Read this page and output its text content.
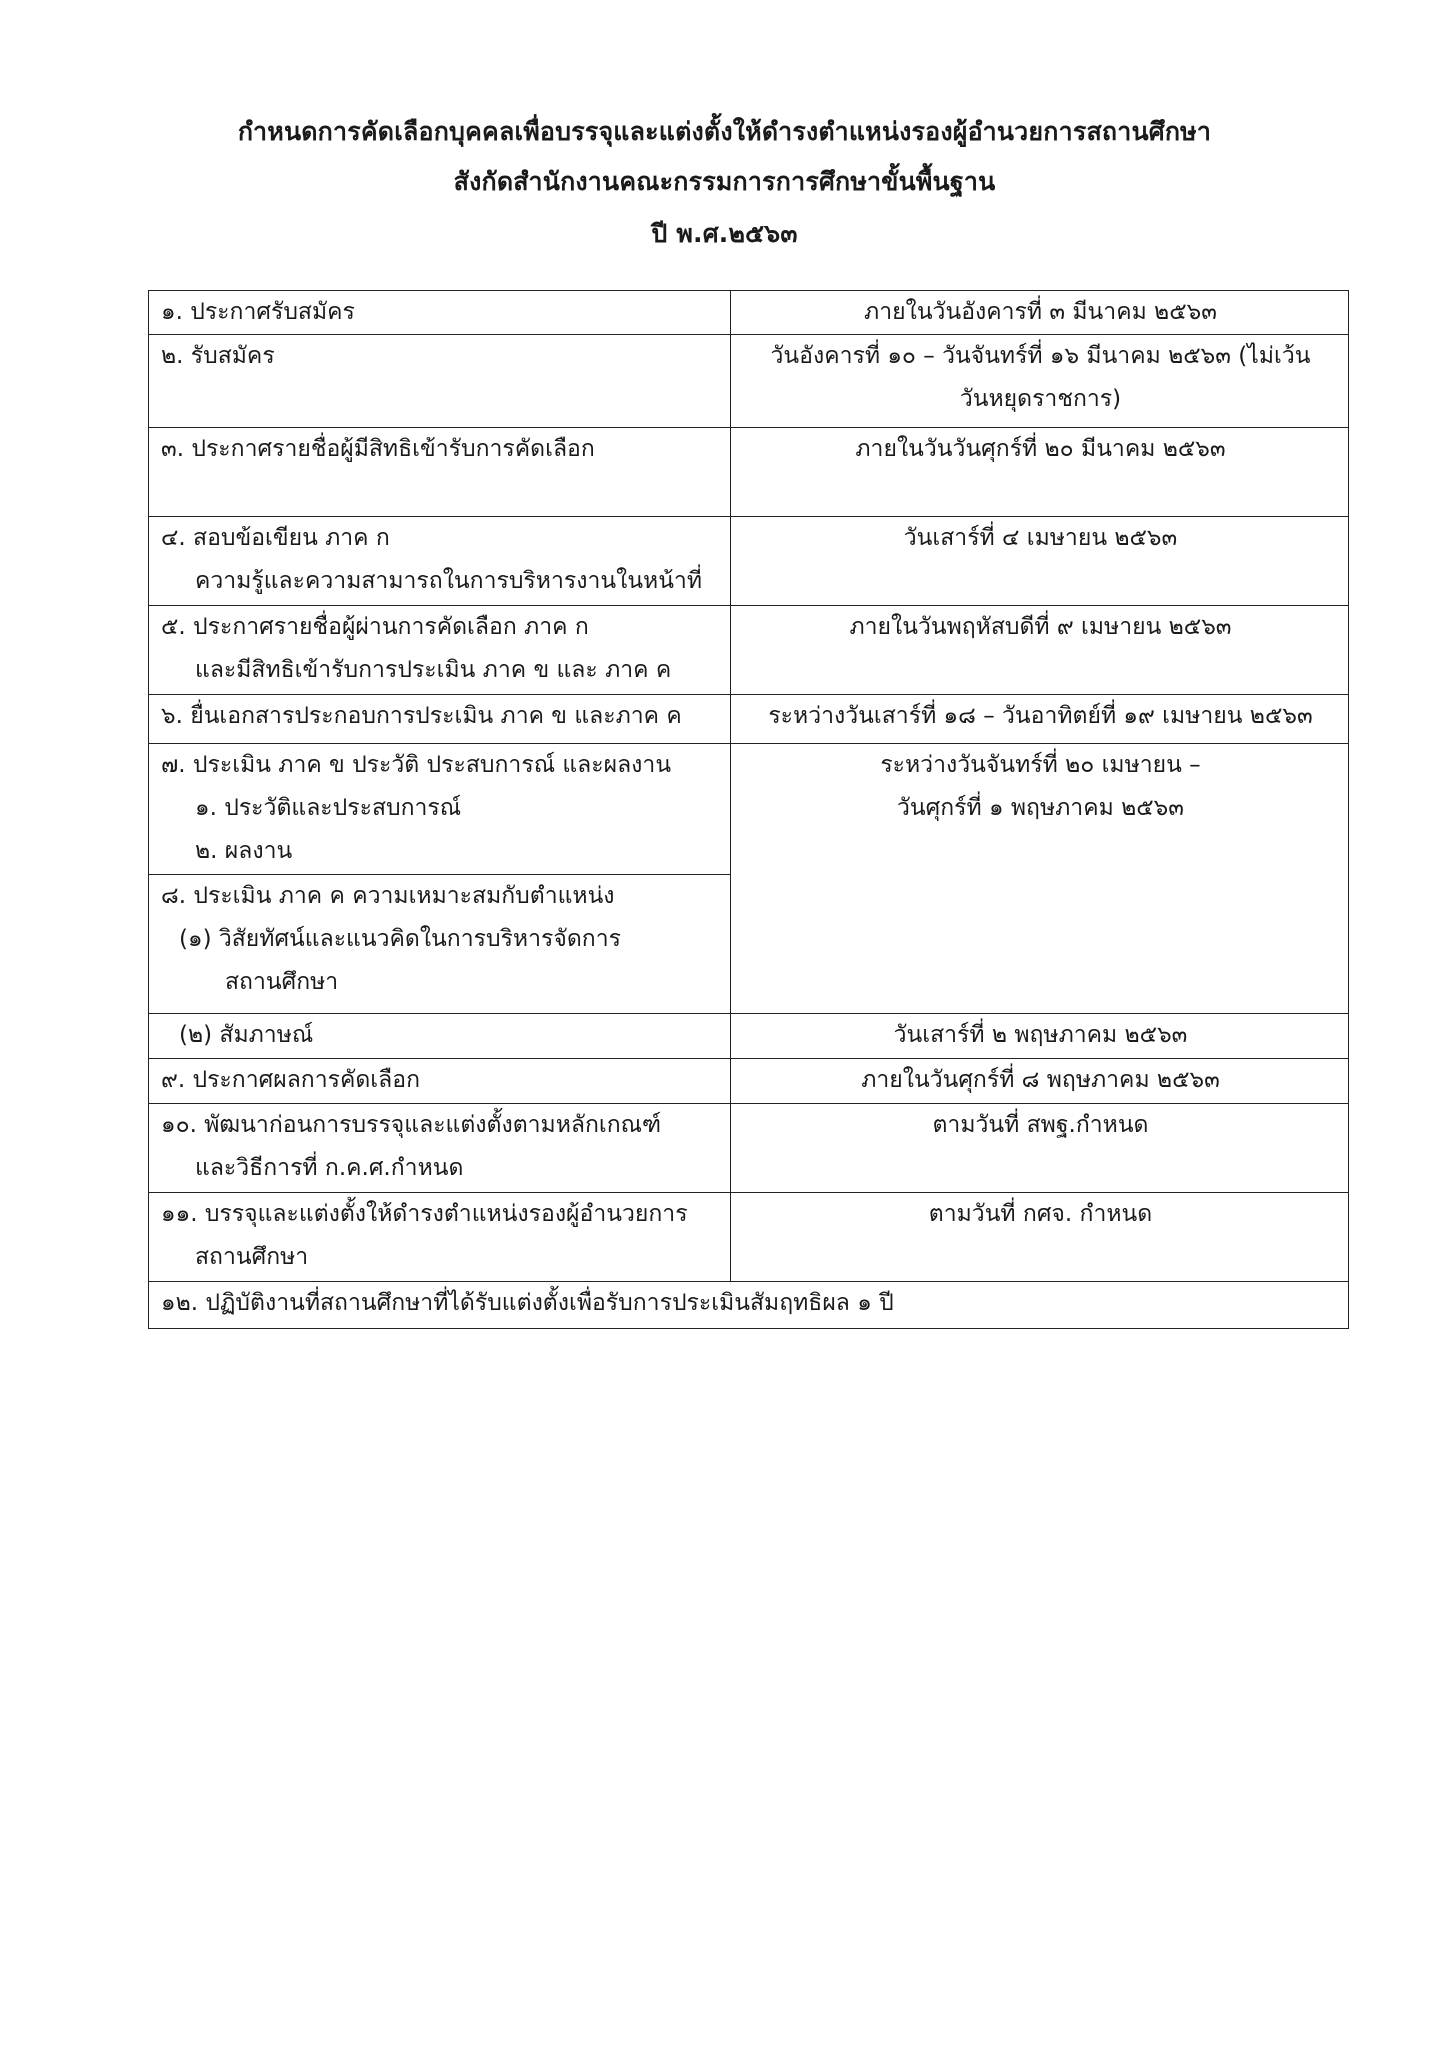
กำหนดการคัดเลือกบุคคลเพื่อบรรจุและแต่งตั้งให้ดำรงตำแหน่งรองผู้อำนวยการสถานศึกษา
สังกัดสำนักงานคณะกรรมการการศึกษาขั้นพื้นฐาน
ปี พ.ศ.๒๕๖๓
๑. ประกาศรับสมัคร	ภายในวันอังคารที่ ๓ มีนาคม ๒๕๖๓
๒. รับสมัคร	วันอังคารที่ ๑๐ – วันจันทร์ที่ ๑๖ มีนาคม ๒๕๖๓ (ไม่เว้น
วันหยุดราชการ)

๓. ประกาศรายชื่อผู้มีสิทธิเข้ารับการคัดเลือก	ภายในวันวันศุกร์ที่ ๒๐ มีนาคม ๒๕๖๓

๔. สอบข้อเขียน ภาค ก
ความรู้และความสามารถในการบริหารงานในหน้าที่	วันเสาร์ที่ ๔ เมษายน ๒๕๖๓

๕. ประกาศรายชื่อผู้ผ่านการคัดเลือก ภาค ก
และมีสิทธิเข้ารับการประเมิน ภาค ข และ ภาค ค	ภายในวันพฤหัสบดีที่ ๙ เมษายน ๒๕๖๓
๖. ยื่นเอกสารประกอบการประเมิน ภาค ข และภาค ค	ระหว่างวันเสาร์ที่ ๑๘ – วันอาทิตย์ที่ ๑๙ เมษายน ๒๕๖๓

๗. ประเมิน ภาค ข ประวัติ ประสบการณ์ และผลงาน
๑. ประวัติและประสบการณ์
๒. ผลงาน	ระหว่างวันจันทร์ที่ ๒๐ เมษายน –
วันศุกร์ที่ ๑ พฤษภาคม ๒๕๖๓

๘. ประเมิน ภาค ค ความเหมาะสมกับตำแหน่ง
(๑) วิสัยทัศน์และแนวคิดในการบริหารจัดการ
สถานศึกษา	

(๒) สัมภาษณ์	วันเสาร์ที่ ๒ พฤษภาคม ๒๕๖๓
๙. ประกาศผลการคัดเลือก	ภายในวันศุกร์ที่ ๘ พฤษภาคม ๒๕๖๓

๑๐. พัฒนาก่อนการบรรจุและแต่งตั้งตามหลักเกณฑ์
และวิธีการที่ ก.ค.ศ.กำหนด	ตามวันที่ สพฐ.กำหนด

๑๑. บรรจุและแต่งตั้งให้ดำรงตำแหน่งรองผู้อำนวยการ
สถานศึกษา	ตามวันที่ กศจ. กำหนด
๑๒. ปฏิบัติงานที่สถานศึกษาที่ได้รับแต่งตั้งเพื่อรับการประเมินสัมฤทธิผล ๑ ปี	
